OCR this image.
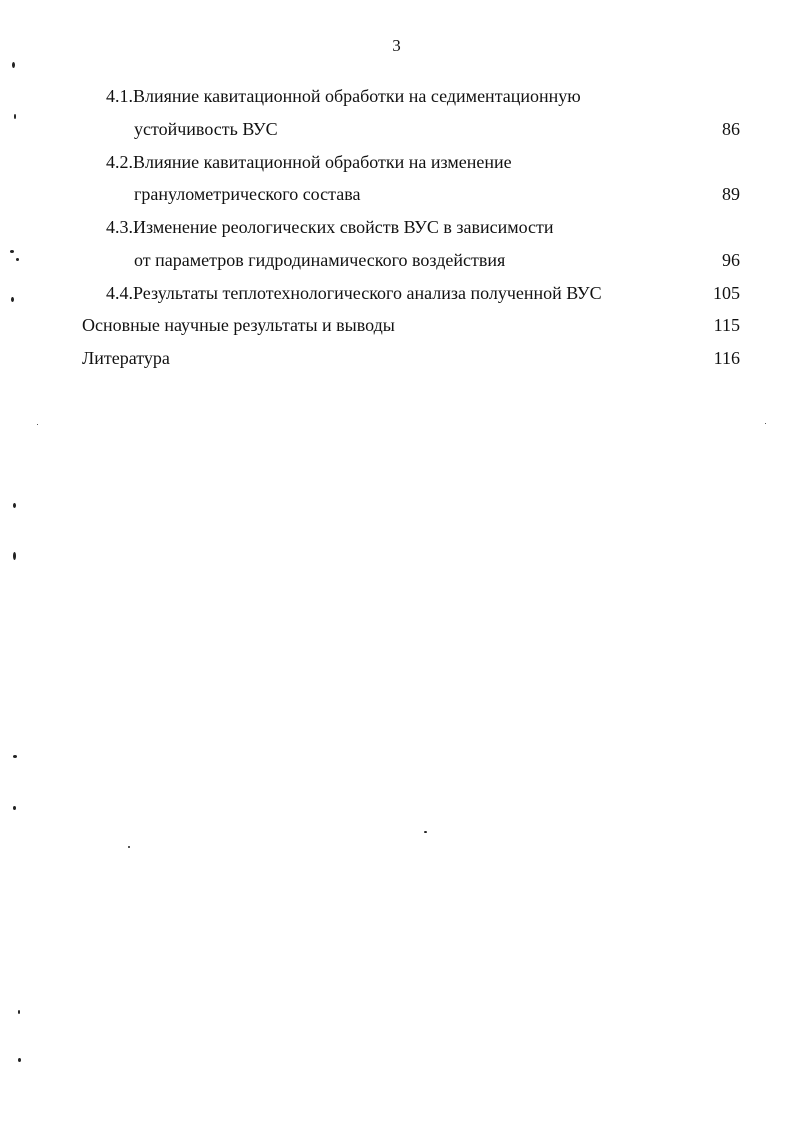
3
4.1.Влияние кавитационной обработки на седиментационную
устойчивость ВУС	86
4.2.Влияние кавитационной обработки на изменение
гранулометрического состава	89
4.3.Изменение реологических свойств ВУС в зависимости
от параметров гидродинамического воздействия	96
4.4.Результаты теплотехнологического анализа полученной ВУС	105
Основные научные результаты и выводы	115
Литература	116
